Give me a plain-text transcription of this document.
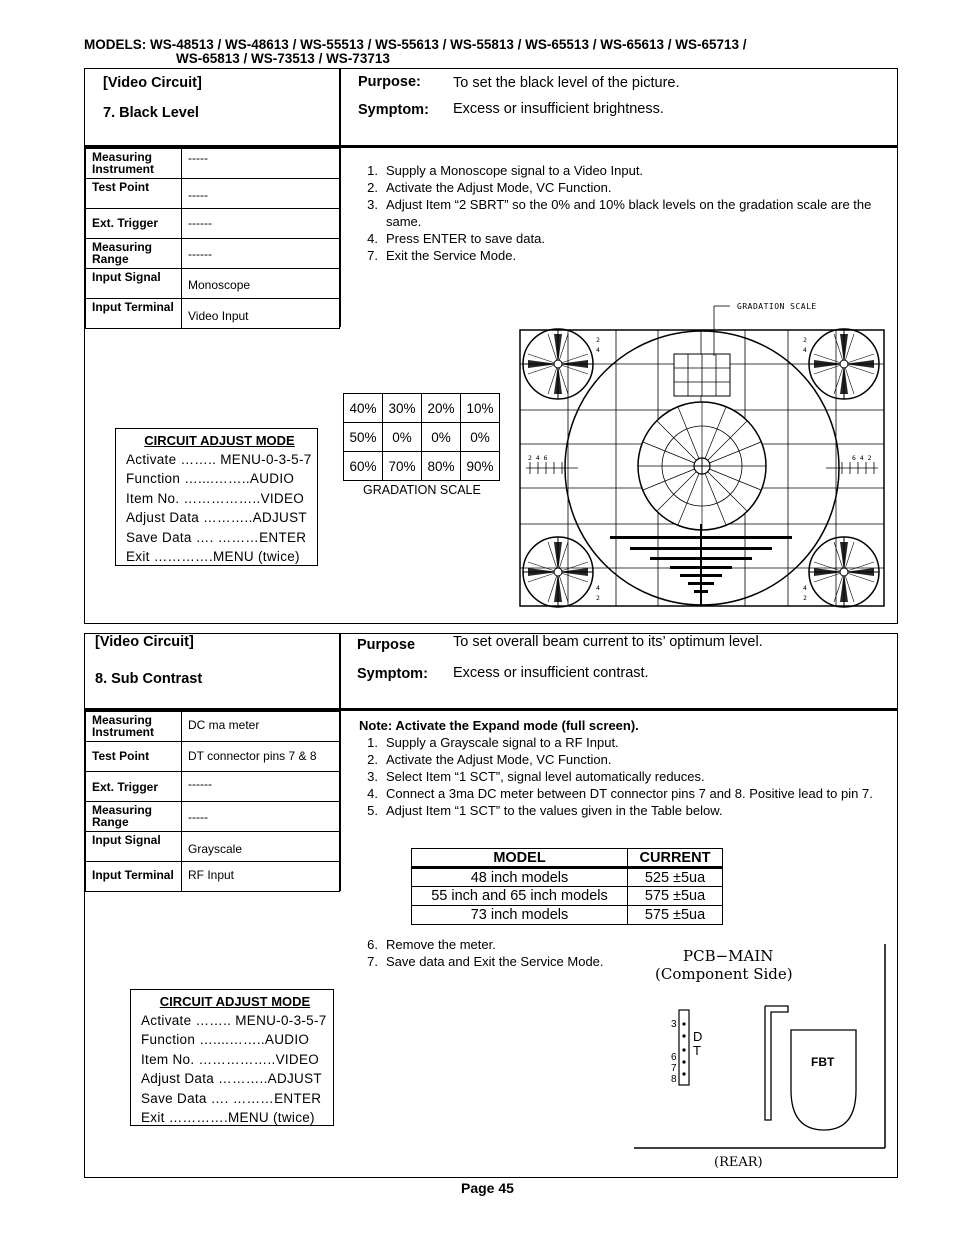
MODELS: WS-48513 / WS-48613 / WS-55513 / WS-55613 / WS-55813 / WS-65513 / WS-65613 / WS-65713 /
WS-65813 / WS-73513 / WS-73713
[Video Circuit]
7. Black Level
Purpose: To set the black level of the picture.
Symptom: Excess or insufficient brightness.
Measuring Instrument	-----
Test Point	-----
Ext. Trigger	------
Measuring Range	------
Input Signal	Monoscope
Input Terminal	Video Input
1. Supply a Monoscope signal to a Video Input.
2. Activate the Adjust Mode, VC Function.
3. Adjust Item “2 SBRT” so the 0% and 10% black levels on the gradation scale are the same.
4. Press ENTER to save data.
7. Exit the Service Mode.
CIRCUIT ADJUST MODE
Activate …….. MENU-0-3-5-7
Function …....……..AUDIO
Item No. ……………..VIDEO
Adjust Data ………..ADJUST
Save Data …. ………ENTER
Exit ………….MENU (twice)
40%	30%	20%	10%
50%	0%	0%	0%
60%	70%	80%	90%
GRADATION SCALE
2
4
2
4
4
2
4
2
2 4 6	6 4 2
GRADATION SCALE
[Video Circuit]
8. Sub Contrast
Purpose	To set overall beam current to its’ optimum level.
Symptom: Excess or insufficient contrast.
Measuring Instrument	DC ma meter
Test Point	DT connector pins 7 & 8
Ext. Trigger	------
Measuring Range	-----
Input Signal	Grayscale
Input Terminal	RF Input
Note: Activate the Expand mode (full screen).
1. Supply a Grayscale signal to a RF Input.
2. Activate the Adjust Mode, VC Function.
3. Select Item “1 SCT”, signal level automatically reduces.
4. Connect a 3ma DC meter between DT connector pins 7 and 8. Positive lead to pin 7.
5. Adjust Item “1 SCT” to the values given in the Table below.
MODEL	CURRENT
48 inch models	525 ±5ua
55 inch and 65 inch models	575 ±5ua
73 inch models	575 ±5ua
6. Remove the meter.
7. Save data and Exit the Service Mode.
CIRCUIT ADJUST MODE
Activate …….. MENU-0-3-5-7
Function …....……..AUDIO
Item No. ……………..VIDEO
Adjust Data ………..ADJUST
Save Data …. ………ENTER
Exit ………….MENU (twice)
PCB−MAIN
(Component Side)
3
6
7
8
D T
FBT
(REAR)
Page 45
